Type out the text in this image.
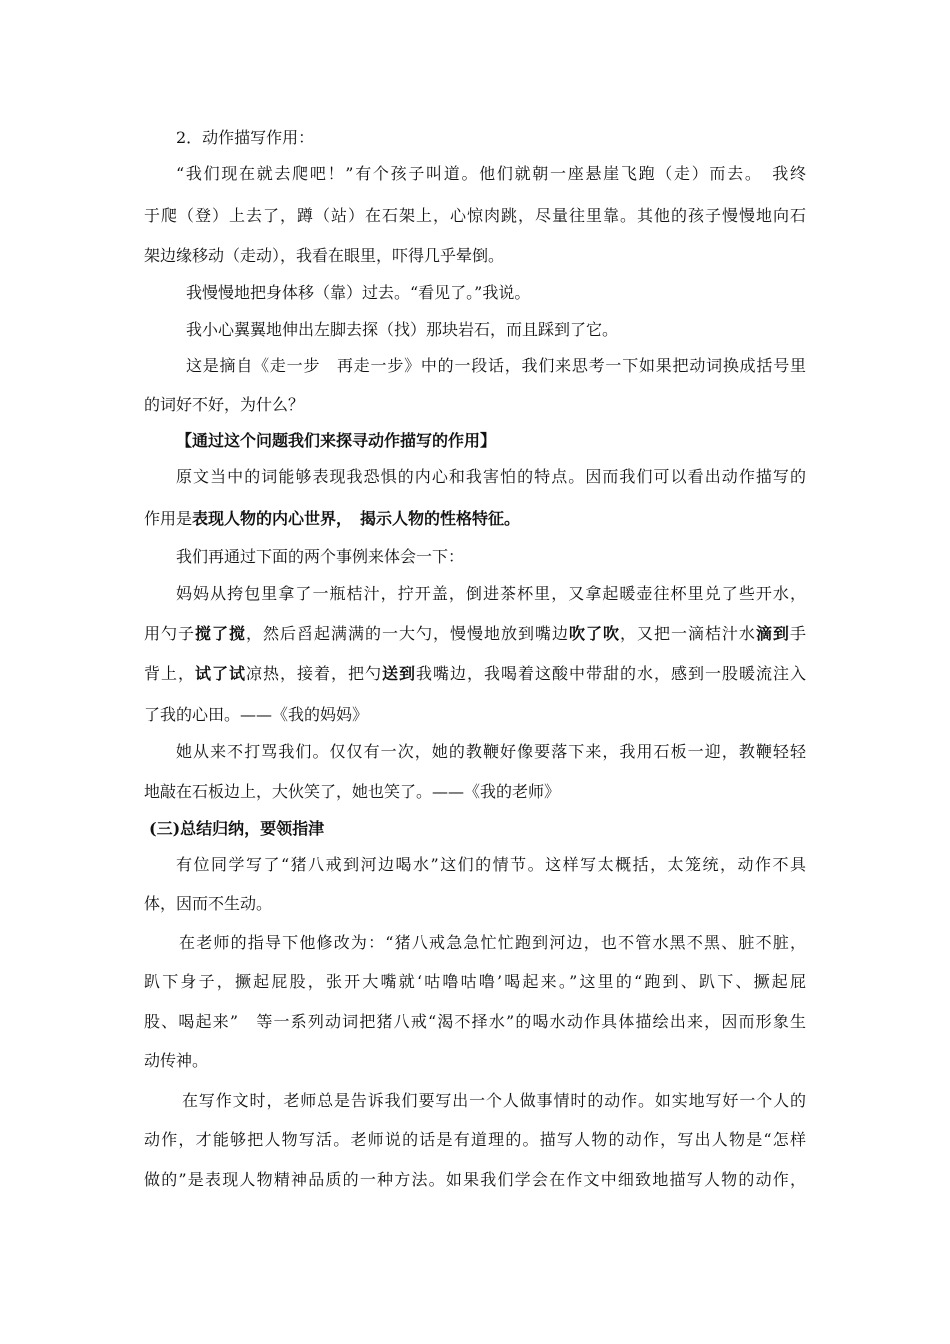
2．动作描写作用：
“我们现在就去爬吧！”有个孩子叫道。他们就朝一座悬崖飞跑（走）而去。　我终
于爬（登）上去了，蹲（站）在石架上，心惊肉跳，尽量往里靠。其他的孩子慢慢地向石
架边缘移动（走动），我看在眼里，吓得几乎晕倒。
我慢慢地把身体移（靠）过去。“看见了。”我说。
我小心翼翼地伸出左脚去探（找）那块岩石，而且踩到了它。
这是摘自《走一步　再走一步》中的一段话，我们来思考一下如果把动词换成括号里
的词好不好，为什么？
【通过这个问题我们来探寻动作描写的作用】
原文当中的词能够表现我恐惧的内心和我害怕的特点。因而我们可以看出动作描写的
作用是表现人物的内心世界，　揭示人物的性格特征。
我们再通过下面的两个事例来体会一下：
妈妈从挎包里拿了一瓶桔汁，拧开盖，倒进茶杯里，又拿起暖壶往杯里兑了些开水，
用勺子搅了搅，然后舀起满满的一大勺，慢慢地放到嘴边吹了吹，又把一滴桔汁水滴到手
背上，试了试凉热，接着，把勺送到我嘴边，我喝着这酸中带甜的水，感到一股暖流注入
了我的心田。——《我的妈妈》
她从来不打骂我们。仅仅有一次，她的教鞭好像要落下来，我用石板一迎，教鞭轻轻
地敲在石板边上，大伙笑了，她也笑了。——《我的老师》
(三)总结归纳，要领指津
有位同学写了“猪八戒到河边喝水”这们的情节。这样写太概括，太笼统，动作不具
体，因而不生动。
在老师的指导下他修改为：“猪八戒急急忙忙跑到河边，也不管水黑不黑、脏不脏，
趴下身子，撅起屁股，张开大嘴就‘咕噜咕噜’喝起来。”这里的“跑到、趴下、撅起屁
股、喝起来”　等一系列动词把猪八戒“渴不择水”的喝水动作具体描绘出来，因而形象生
动传神。
在写作文时，老师总是告诉我们要写出一个人做事情时的动作。如实地写好一个人的
动作，才能够把人物写活。老师说的话是有道理的。描写人物的动作，写出人物是“怎样
做的”是表现人物精神品质的一种方法。如果我们学会在作文中细致地描写人物的动作，
